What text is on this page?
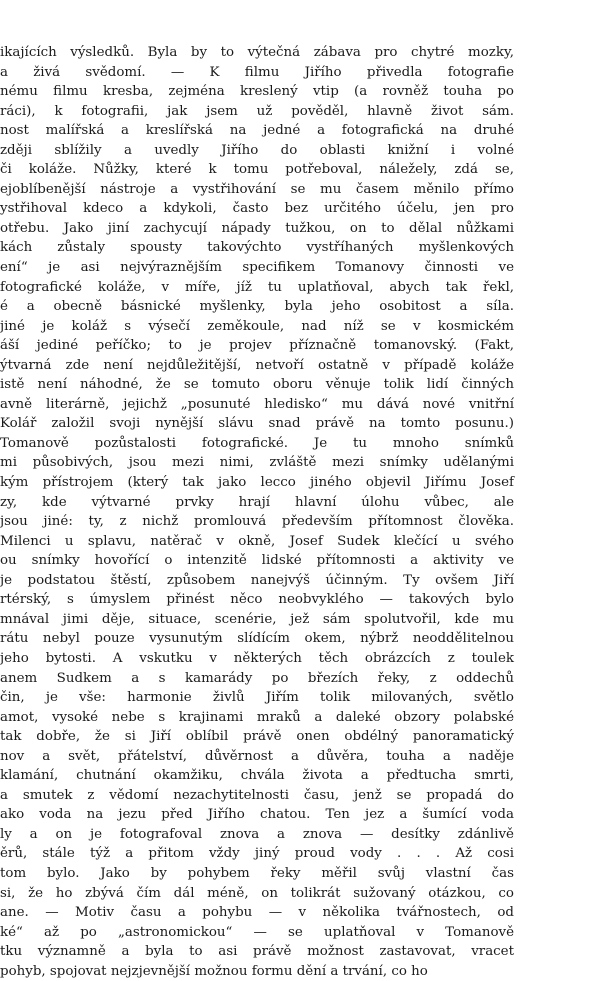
ikajících výsledků. Byla by to výtečná zábava pro chytré mozky,
a živá svědomí. — K filmu Jiřího přivedla fotografie
nému filmu kresba, zejména kreslený vtip (a rovněž touha po
ráci), k fotografii, jak jsem už pověděl, hlavně život sám.
nost malířská a kreslířská na jedné a fotografická na druhé
zději sblížily a uvedly Jiřího do oblasti knižní i volné
či koláže. Nůžky, které k tomu potřeboval, náležely, zdá se,
ejoblíbenější nástroje a vystřihování se mu časem měnilo přímo
ystřihoval kdeco a kdykoli, často bez určitého účelu, jen pro
otřebu. Jako jiní zachycují nápady tužkou, on to dělal nůžkami
kách zůstaly spousty takovýchto vystříhaných myšlenkových
ení“ je asi nejvýraznějším specifikem Tomanovy činnosti ve
fotografické koláže, v míře, jíž tu uplatňoval, abych tak řekl,
é a obecně básnické myšlenky, byla jeho osobitost a síla.
jiné je koláž s výsečí zeměkoule, nad níž se v kosmickém
áší jediné peříčko; to je projev příznačně tomanovský. (Fakt,
ýtvarná zde není nejdůležitější, netvoří ostatně v případě koláže
istě není náhodné, že se tomuto oboru věnuje tolik lidí činných
avně literárně, jejichž „posunuté hledisko“ mu dává nové vnitřní
Kolář založil svoji nynější slávu snad právě na tomto posunu.)
Tomanově pozůstalosti fotografické. Je tu mnoho snímků
mi působivých, jsou mezi nimi, zvláště mezi snímky udělanými
kým přístrojem (který tak jako lecco jiného objevil Jiřímu Josef
zy, kde výtvarné prvky hrají hlavní úlohu vůbec, ale
jsou jiné: ty, z nichž promlouvá především přítomnost člověka.
Milenci u splavu, natěrač v okně, Josef Sudek klečící u svého
ou snímky hovořící o intenzitě lidské přítomnosti a aktivity ve
je podstatou štěstí, způsobem nanejvýš účinným. Ty ovšem Jiří
rtérský, s úmyslem přinést něco neobvyklého — takových bylo
mnával jimi děje, situace, scenérie, jež sám spolutvořil, kde mu
rátu nebyl pouze vysunutým slídícím okem, nýbrž neoddělitelnou
jeho bytosti. A vskutku v některých těch obrázcích z toulek
anem Sudkem a s kamarády po březích řeky, z oddechů
čin, je vše: harmonie živlů Jiřím tolik milovaných, světlo
amot, vysoké nebe s krajinami mraků a daleké obzory polabské
tak dobře, že si Jiří oblíbil právě onen obdélný panoramatický
nov a svět, přátelství, důvěrnost a důvěra, touha a naděje
klamání, chutnání okamžiku, chvála života a předtucha smrti,
a smutek z vědomí nezachytitelnosti času, jenž se propadá do
ako voda na jezu před Jiřího chatou. Ten jez a šumící voda
ly a on je fotografoval znova a znova — desítky zdánlivě
ěrů, stále týž a přitom vždy jiný proud vody . . . Až cosi
tom bylo. Jako by pohybem řeky měřil svůj vlastní čas
si, že ho zbývá čím dál méně, on tolikrát sužovaný otázkou, co
ane. — Motiv času a pohybu — v několika tvářnostech, od
ké“ až po „astronomickou“ — se uplatňoval v Tomanově
tku významně a byla to asi právě možnost zastavovat, vracet
pohyb, spojovat nejzjevnější možnou formu dění a trvání, co ho
